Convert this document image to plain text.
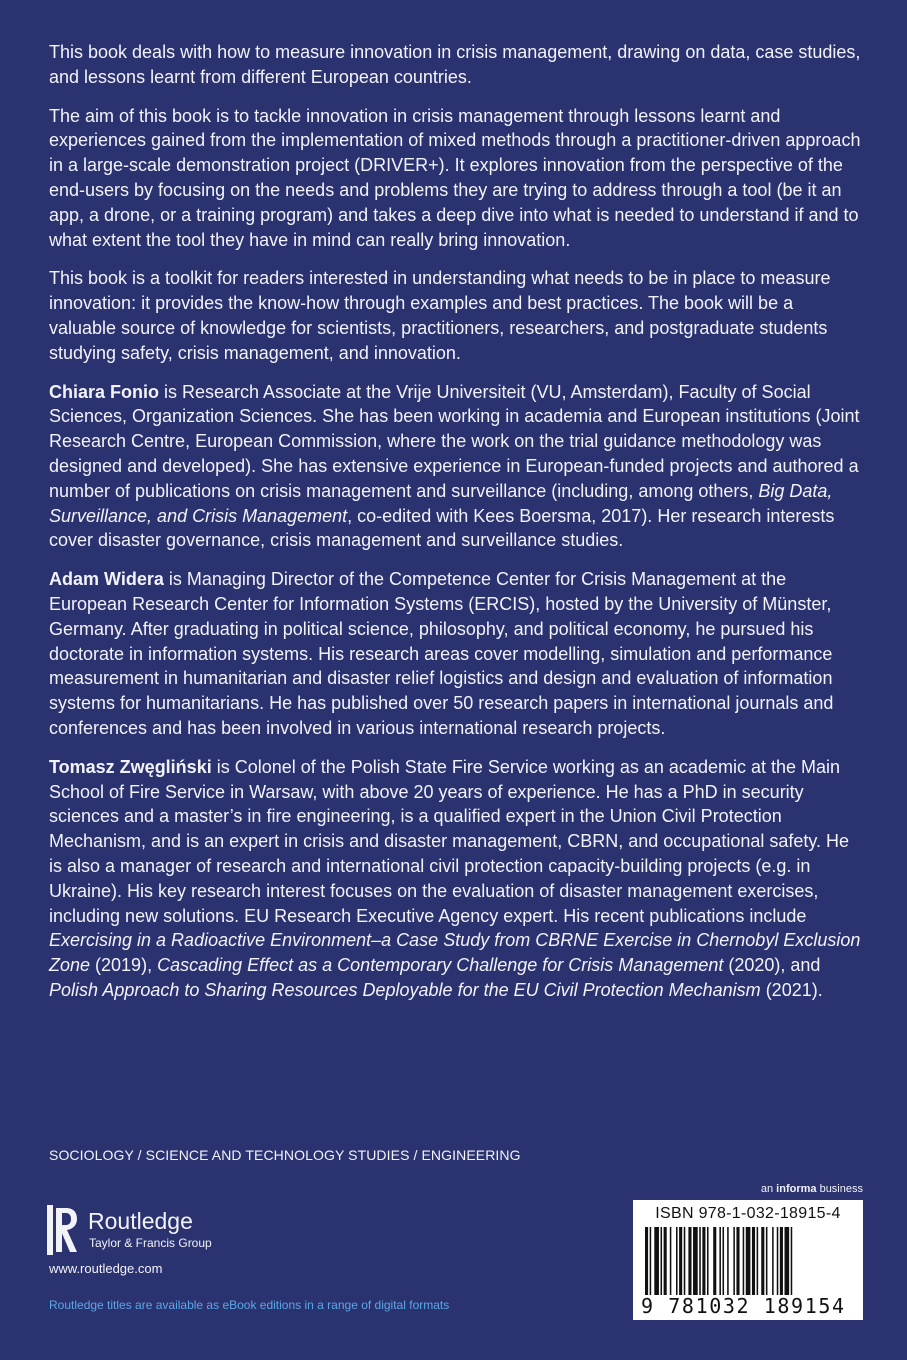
This book deals with how to measure innovation in crisis management, drawing on data, case studies, and lessons learnt from different European countries.

The aim of this book is to tackle innovation in crisis management through lessons learnt and experiences gained from the implementation of mixed methods through a practitioner-driven approach in a large-scale demonstration project (DRIVER+). It explores innovation from the perspective of the end-users by focusing on the needs and problems they are trying to address through a tool (be it an app, a drone, or a training program) and takes a deep dive into what is needed to understand if and to what extent the tool they have in mind can really bring innovation.

This book is a toolkit for readers interested in understanding what needs to be in place to measure innovation: it provides the know-how through examples and best practices. The book will be a valuable source of knowledge for scientists, practitioners, researchers, and postgraduate students studying safety, crisis management, and innovation.

Chiara Fonio is Research Associate at the Vrije Universiteit (VU, Amsterdam), Faculty of Social Sciences, Organization Sciences. She has been working in academia and European institutions (Joint Research Centre, European Commission, where the work on the trial guidance methodology was designed and developed). She has extensive experience in European-funded projects and authored a number of publications on crisis management and surveillance (including, among others, Big Data, Surveillance, and Crisis Management, co-edited with Kees Boersma, 2017). Her research interests cover disaster governance, crisis management and surveillance studies.

Adam Widera is Managing Director of the Competence Center for Crisis Management at the European Research Center for Information Systems (ERCIS), hosted by the University of Münster, Germany. After graduating in political science, philosophy, and political economy, he pursued his doctorate in information systems. His research areas cover modelling, simulation and performance measurement in humanitarian and disaster relief logistics and design and evaluation of information systems for humanitarians. He has published over 50 research papers in international journals and conferences and has been involved in various international research projects.

Tomasz Zwęgliński is Colonel of the Polish State Fire Service working as an academic at the Main School of Fire Service in Warsaw, with above 20 years of experience. He has a PhD in security sciences and a master’s in fire engineering, is a qualified expert in the Union Civil Protection Mechanism, and is an expert in crisis and disaster management, CBRN, and occupational safety. He is also a manager of research and international civil protection capacity-building projects (e.g. in Ukraine). His key research interest focuses on the evaluation of disaster management exercises, including new solutions. EU Research Executive Agency expert. His recent publications include Exercising in a Radioactive Environment–a Case Study from CBRNE Exercise in Chernobyl Exclusion Zone (2019), Cascading Effect as a Contemporary Challenge for Crisis Management (2020), and Polish Approach to Sharing Resources Deployable for the EU Civil Protection Mechanism (2021).

SOCIOLOGY / SCIENCE AND TECHNOLOGY STUDIES / ENGINEERING
an informa business
Routledge
Taylor & Francis Group
www.routledge.com
Routledge titles are available as eBook editions in a range of digital formats
ISBN 978-1-032-18915-4
9 781032 189154
